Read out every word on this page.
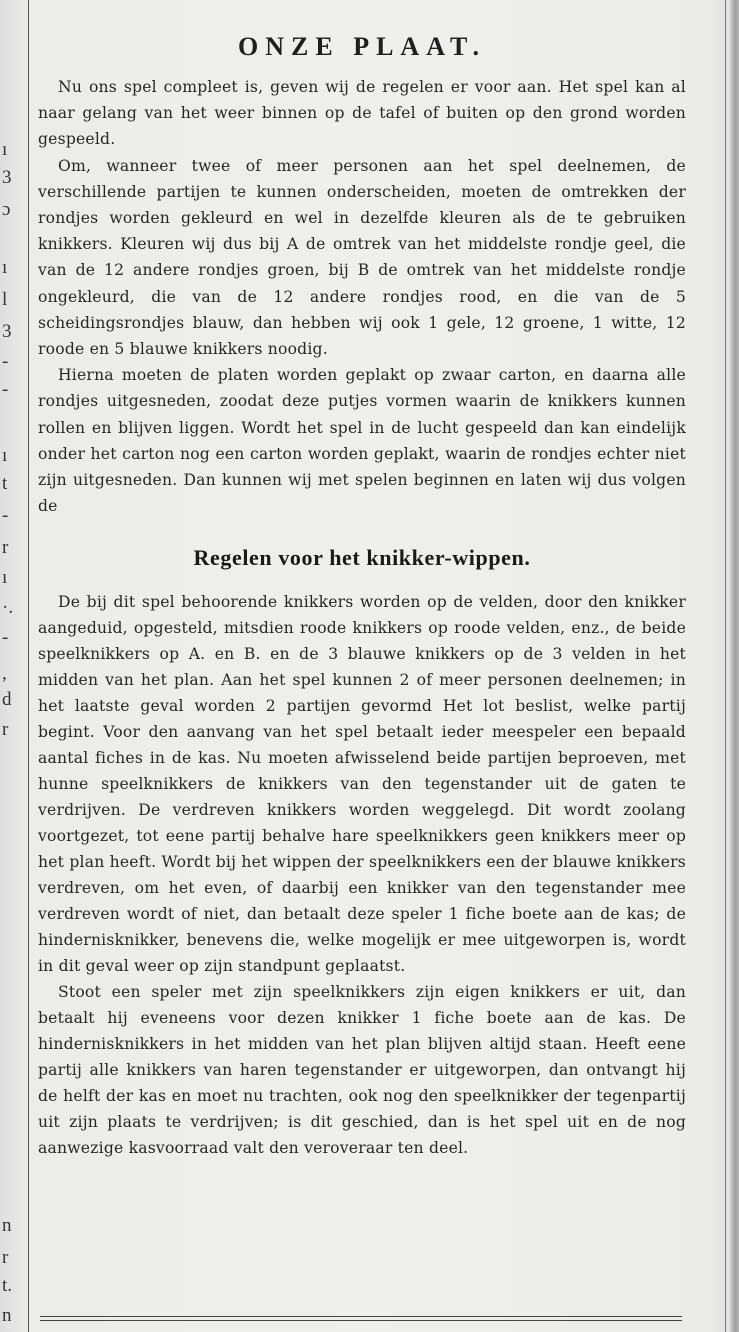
ı
3
ɔ
ı
l
3
-
-
ı
t
-
r
ı
·.
-
,
d
r
n
r
t.
n
ONZE PLAAT.

Nu ons spel compleet is, geven wij de regelen er voor aan. Het spel kan al naar gelang van het weer binnen op de tafel of buiten op den grond worden gespeeld.

Om, wanneer twee of meer personen aan het spel deelnemen, de verschillende partijen te kunnen onderscheiden, moeten de omtrekken der rondjes worden gekleurd en wel in dezelfde kleuren als de te gebruiken knikkers. Kleuren wij dus bij A de omtrek van het middelste rondje geel, die van de 12 andere rondjes groen, bij B de omtrek van het middelste rondje ongekleurd, die van de 12 andere rondjes rood, en die van de 5 scheidingsrondjes blauw, dan hebben wij ook 1 gele, 12 groene, 1 witte, 12 roode en 5 blauwe knikkers noodig.

Hierna moeten de platen worden geplakt op zwaar carton, en daarna alle rondjes uitgesneden, zoodat deze putjes vormen waarin de knikkers kunnen rollen en blijven liggen. Wordt het spel in de lucht gespeeld dan kan eindelijk onder het carton nog een carton worden geplakt, waarin de rondjes echter niet zijn uitgesneden. Dan kunnen wij met spelen beginnen en laten wij dus volgen de

Regelen voor het knikker-wippen.

De bij dit spel behoorende knikkers worden op de velden, door den knikker aangeduid, opgesteld, mitsdien roode knikkers op roode velden, enz., de beide speelknikkers op A. en B. en de 3 blauwe knikkers op de 3 velden in het midden van het plan. Aan het spel kunnen 2 of meer personen deelnemen; in het laatste geval worden 2 partijen gevormd Het lot beslist, welke partij begint. Voor den aanvang van het spel betaalt ieder meespeler een bepaald aantal fiches in de kas. Nu moeten afwisselend beide partijen beproeven, met hunne speelknikkers de knikkers van den tegenstander uit de gaten te verdrijven. De verdreven knikkers worden weggelegd. Dit wordt zoolang voortgezet, tot eene partij behalve hare speelknikkers geen knikkers meer op het plan heeft. Wordt bij het wippen der speelknikkers een der blauwe knikkers verdreven, om het even, of daarbij een knikker van den tegenstander mee verdreven wordt of niet, dan betaalt deze speler 1 fiche boete aan de kas; de hindernisknikker, benevens die, welke mogelijk er mee uitgeworpen is, wordt in dit geval weer op zijn standpunt geplaatst.

Stoot een speler met zijn speelknikkers zijn eigen knikkers er uit, dan betaalt hij eveneens voor dezen knikker 1 fiche boete aan de kas. De hindernisknikkers in het midden van het plan blijven altijd staan. Heeft eene partij alle knikkers van haren tegenstander er uitgeworpen, dan ontvangt hij de helft der kas en moet nu trachten, ook nog den speelknikker der tegenpartij uit zijn plaats te verdrijven; is dit geschied, dan is het spel uit en de nog aanwezige kasvoorraad valt den veroveraar ten deel.
